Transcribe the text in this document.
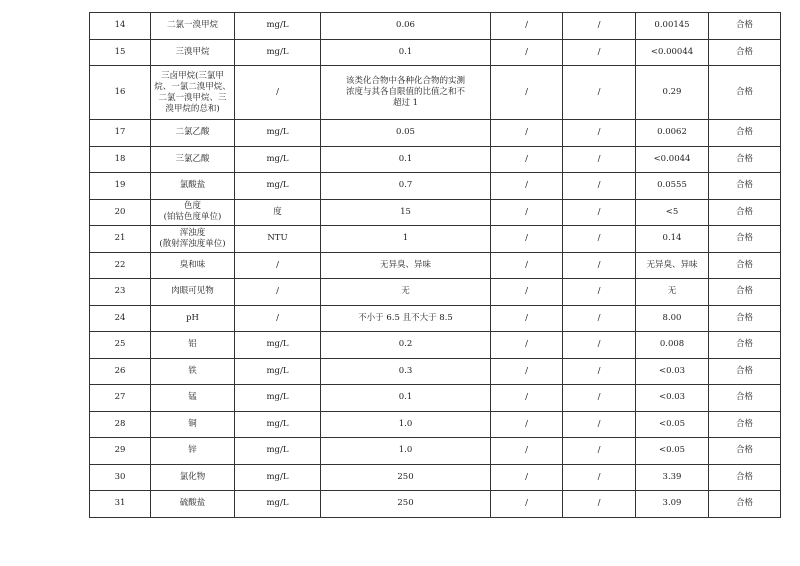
14	二氯一溴甲烷	mg/L	0.06	/	/	0.00145	合格
15	三溴甲烷	mg/L	0.1	/	/	<0.00044	合格
16	三卤甲烷(三氯甲
烷、一氯二溴甲烷、
二氯一溴甲烷、三
溴甲烷的总和)	/	该类化合物中各种化合物的实测
浓度与其各自限值的比值之和不
超过 1	/	/	0.29	合格
17	二氯乙酸	mg/L	0.05	/	/	0.0062	合格
18	三氯乙酸	mg/L	0.1	/	/	<0.0044	合格
19	氯酸盐	mg/L	0.7	/	/	0.0555	合格
20	色度
(铂钴色度单位)	度	15	/	/	<5	合格
21	浑浊度
(散射浑浊度单位)	NTU	1	/	/	0.14	合格
22	臭和味	/	无异臭、异味	/	/	无异臭、异味	合格
23	肉眼可见物	/	无	/	/	无	合格
24	pH	/	不小于 6.5 且不大于 8.5	/	/	8.00	合格
25	铝	mg/L	0.2	/	/	0.008	合格
26	铁	mg/L	0.3	/	/	<0.03	合格
27	锰	mg/L	0.1	/	/	<0.03	合格
28	铜	mg/L	1.0	/	/	<0.05	合格
29	锌	mg/L	1.0	/	/	<0.05	合格
30	氯化物	mg/L	250	/	/	3.39	合格
31	硫酸盐	mg/L	250	/	/	3.09	合格
